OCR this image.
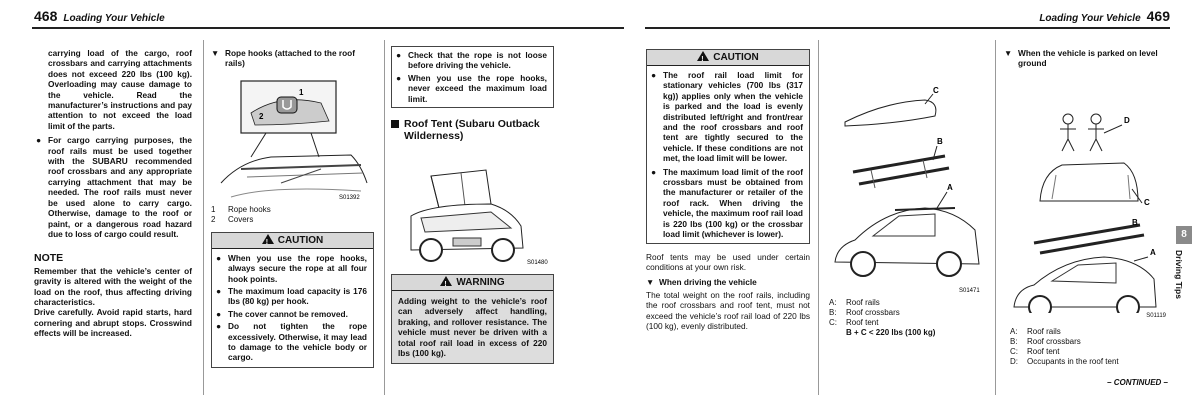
468 Loading Your Vehicle	Loading Your Vehicle 469

carrying load of the cargo, roof crossbars and carrying attachments does not exceed 220 lbs (100 kg). Overloading may cause damage to the vehicle. Read the manufacturer’s instructions and pay attention to not exceed the load limit of the parts.

● For cargo carrying purposes, the roof rails must be used together with the SUBARU recommended roof crossbars and any appropriate carrying attachment that may be needed. The roof rails must never be used alone to carry cargo. Otherwise, damage to the roof or paint, or a dangerous road hazard due to loss of cargo could result.

NOTE
Remember that the vehicle’s center of gravity is altered with the weight of the load on the roof, thus affecting driving characteristics.
Drive carefully. Avoid rapid starts, hard cornering and abrupt stops. Crosswind effects will be increased.
▼ Rope hooks (attached to the roof rails)
2
1
S01392
1 Rope hooks
2 Covers
!CAUTION

● When you use the rope hooks, always secure the rope at all four hook points.

● The maximum load capacity is 176 lbs (80 kg) per hook.

● The cover cannot be removed.

● Do not tighten the rope excessively. Otherwise, it may lead to damage to the vehicle body or cargo.

● Check that the rope is not loose before driving the vehicle.

● When you use the rope hooks, never exceed the maximum load limit.

Roof Tent (Subaru Outback Wilderness)
S01480
!WARNING
Adding weight to the vehicle’s roof can adversely affect handling, braking, and rollover resistance. The vehicle must never be driven with a total roof rail load in excess of 220 lbs (100 kg).
!CAUTION

● The roof rail load limit for stationary vehicles (700 lbs (317 kg)) applies only when the vehicle is parked and the load is evenly distributed left/right and front/rear and the roof crossbars and roof tent are tightly secured to the vehicle. If these conditions are not met, the load limit will be lower.

● The maximum load limit of the roof crossbars must be obtained from the manufacturer or retailer of the roof rack. When driving the vehicle, the maximum roof rail load is 220 lbs (100 kg) or the crossbar load limit (whichever is lower).

Roof tents may be used under certain conditions at your own risk.
▼ When driving the vehicle
The total weight on the roof rails, including the roof crossbars and roof tent, must not exceed the vehicle’s roof rail load of 220 lbs (100 kg), evenly distributed.
C
B
A
S01471
A: Roof rails
B: Roof crossbars
C: Roof tent
B + C < 220 lbs (100 kg)
▼ When the vehicle is parked on level ground
D
C
B
A
S01119
A: Roof rails
B: Roof crossbars
C: Roof tent
D: Occupants in the roof tent
– CONTINUED –
8
Driving Tips
